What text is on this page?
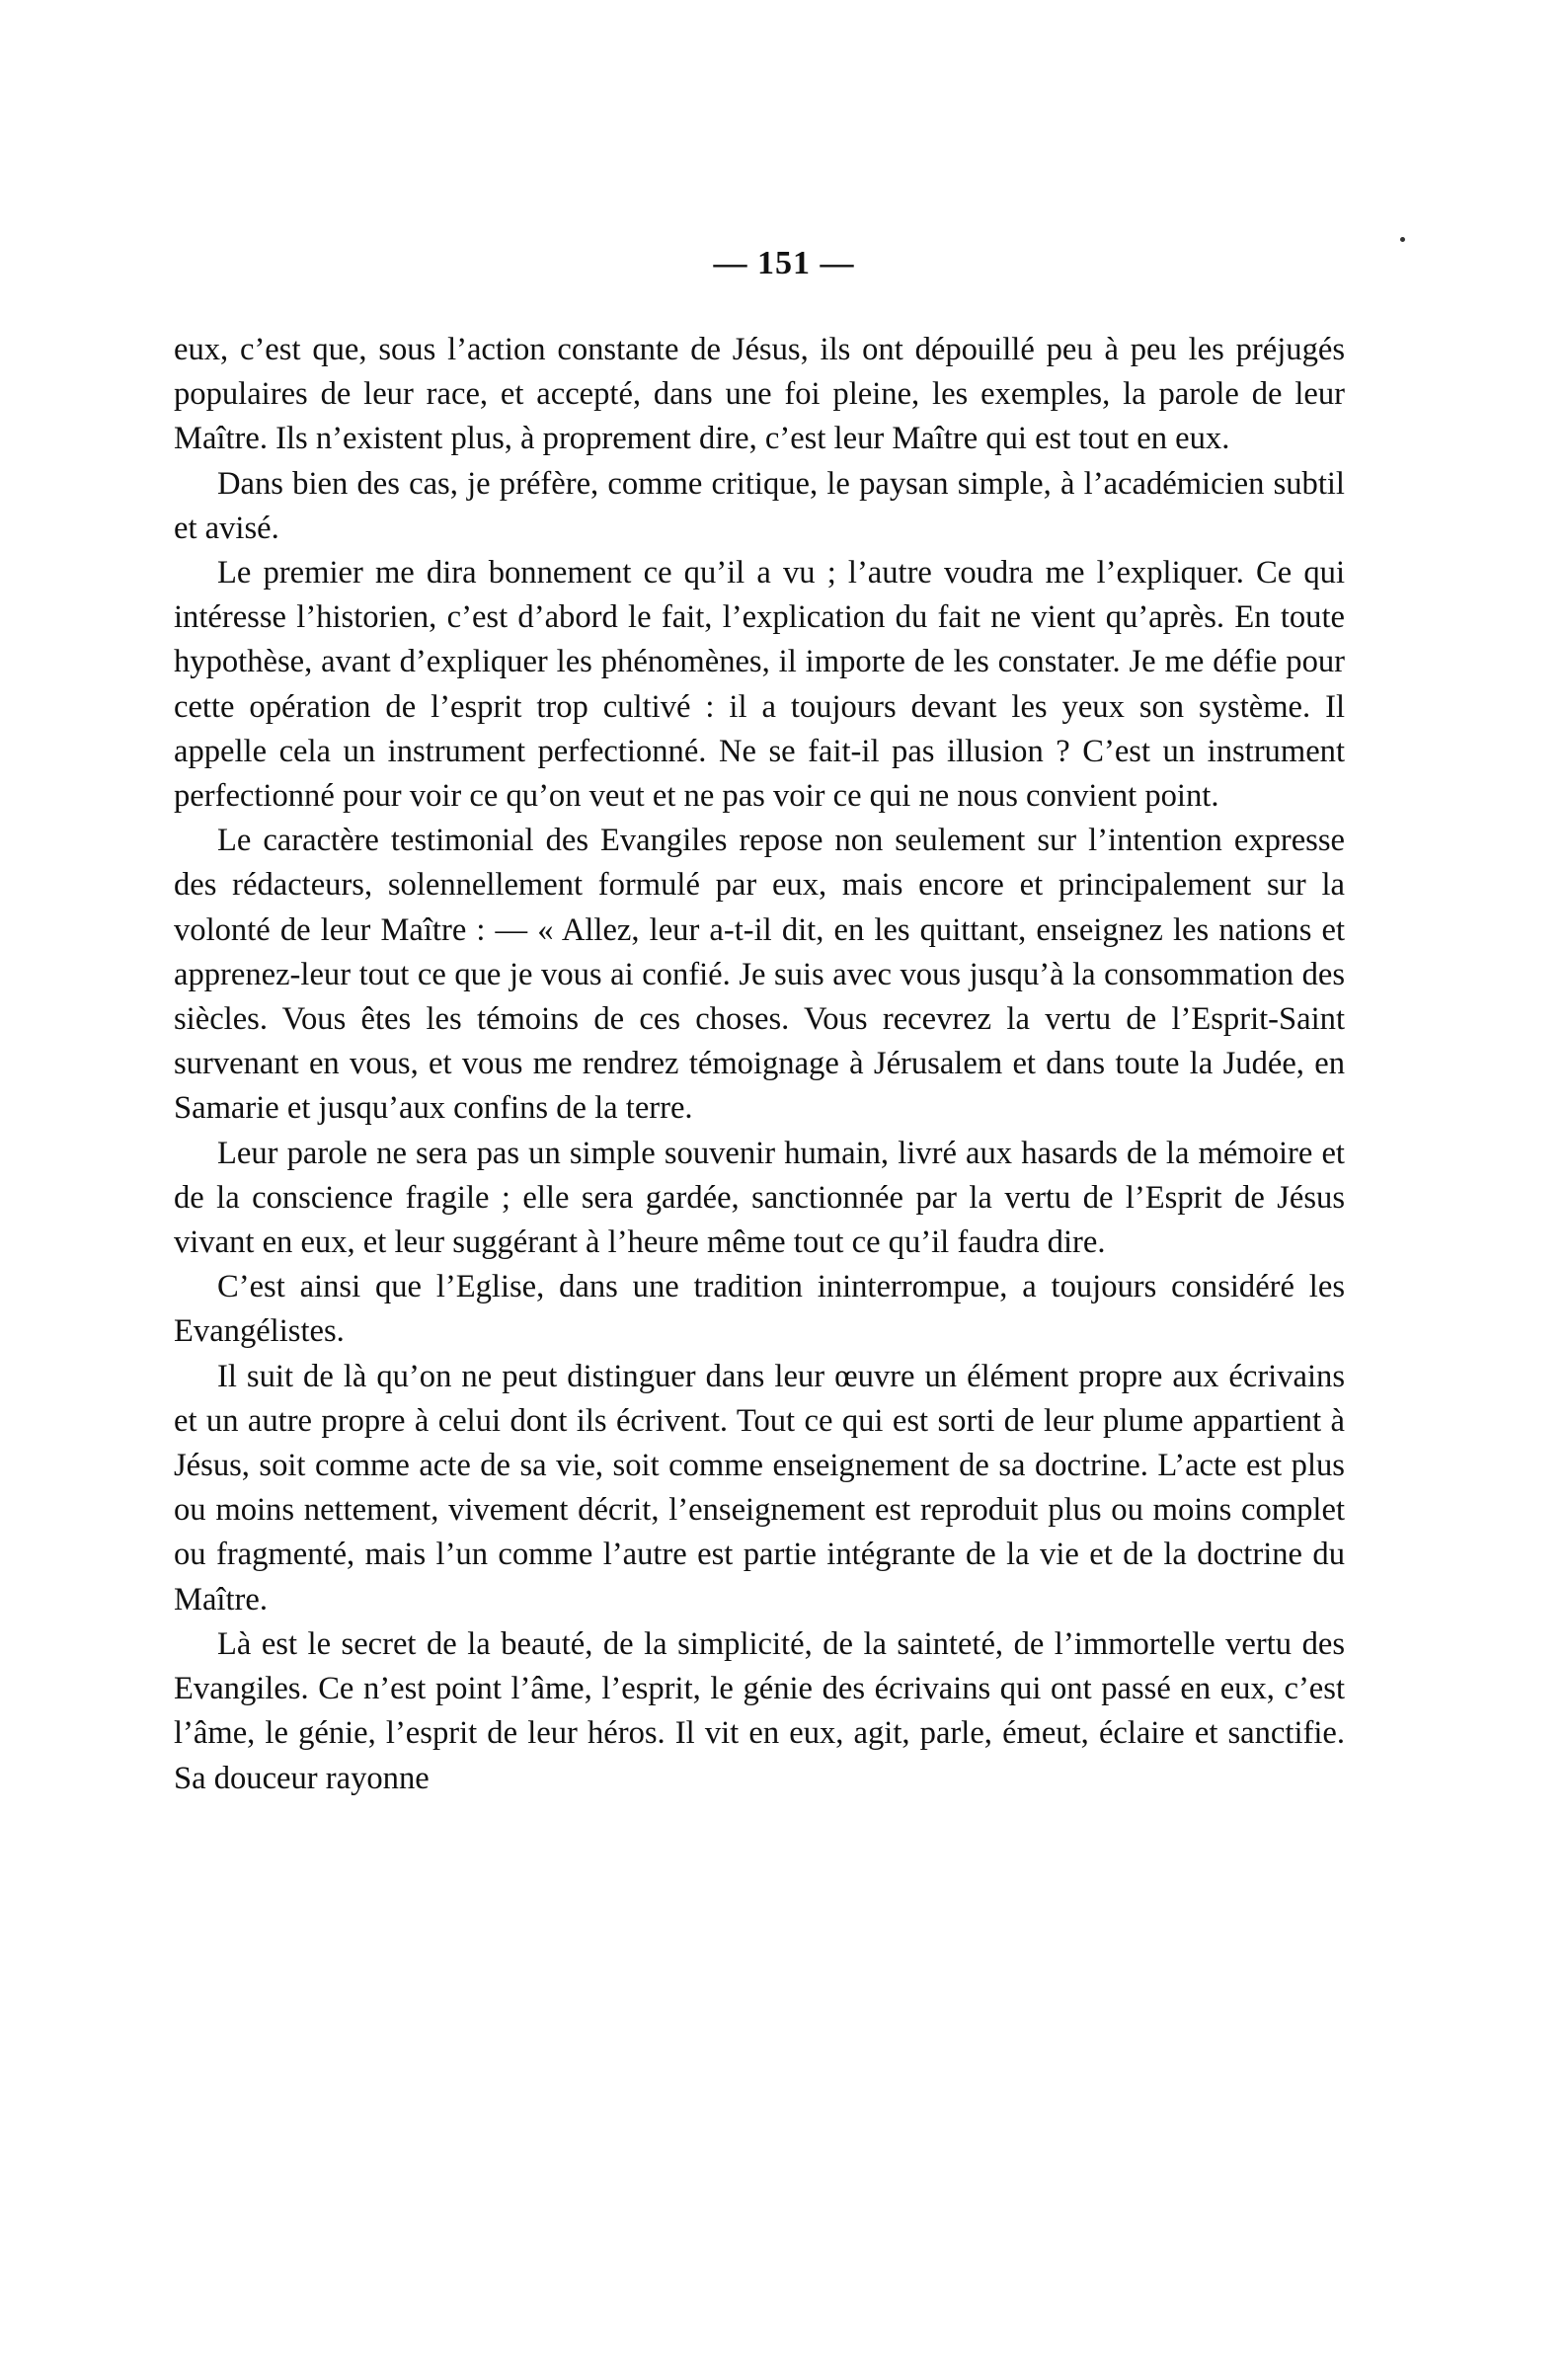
— 151 —

eux, c’est que, sous l’action constante de Jésus, ils ont dépouillé peu à peu les préjugés populaires de leur race, et accepté, dans une foi pleine, les exemples, la parole de leur Maître. Ils n’existent plus, à proprement dire, c’est leur Maître qui est tout en eux.

Dans bien des cas, je préfère, comme critique, le paysan simple, à l’académicien subtil et avisé.

Le premier me dira bonnement ce qu’il a vu ; l’autre voudra me l’expliquer. Ce qui intéresse l’historien, c’est d’abord le fait, l’explication du fait ne vient qu’après. En toute hypothèse, avant d’expliquer les phénomènes, il importe de les constater. Je me défie pour cette opération de l’esprit trop cultivé : il a toujours devant les yeux son système. Il appelle cela un instrument perfectionné. Ne se fait-il pas illusion ? C’est un instrument perfectionné pour voir ce qu’on veut et ne pas voir ce qui ne nous convient point.

Le caractère testimonial des Evangiles repose non seulement sur l’intention expresse des rédacteurs, solennellement formulé par eux, mais encore et principalement sur la volonté de leur Maître : — « Allez, leur a-t-il dit, en les quittant, enseignez les nations et apprenez-leur tout ce que je vous ai confié. Je suis avec vous jusqu’à la consommation des siècles. Vous êtes les témoins de ces choses. Vous recevrez la vertu de l’Esprit-Saint survenant en vous, et vous me rendrez témoignage à Jérusalem et dans toute la Judée, en Samarie et jusqu’aux confins de la terre.

Leur parole ne sera pas un simple souvenir humain, livré aux hasards de la mémoire et de la conscience fragile ; elle sera gardée, sanctionnée par la vertu de l’Esprit de Jésus vivant en eux, et leur suggérant à l’heure même tout ce qu’il faudra dire.

C’est ainsi que l’Eglise, dans une tradition ininterrompue, a toujours considéré les Evangélistes.

Il suit de là qu’on ne peut distinguer dans leur œuvre un élément propre aux écrivains et un autre propre à celui dont ils écrivent. Tout ce qui est sorti de leur plume appartient à Jésus, soit comme acte de sa vie, soit comme enseignement de sa doctrine. L’acte est plus ou moins nettement, vivement décrit, l’enseignement est reproduit plus ou moins complet ou fragmenté, mais l’un comme l’autre est partie intégrante de la vie et de la doctrine du Maître.

Là est le secret de la beauté, de la simplicité, de la sainteté, de l’immortelle vertu des Evangiles. Ce n’est point l’âme, l’esprit, le génie des écrivains qui ont passé en eux, c’est l’âme, le génie, l’esprit de leur héros. Il vit en eux, agit, parle, émeut, éclaire et sanctifie. Sa douceur rayonne
